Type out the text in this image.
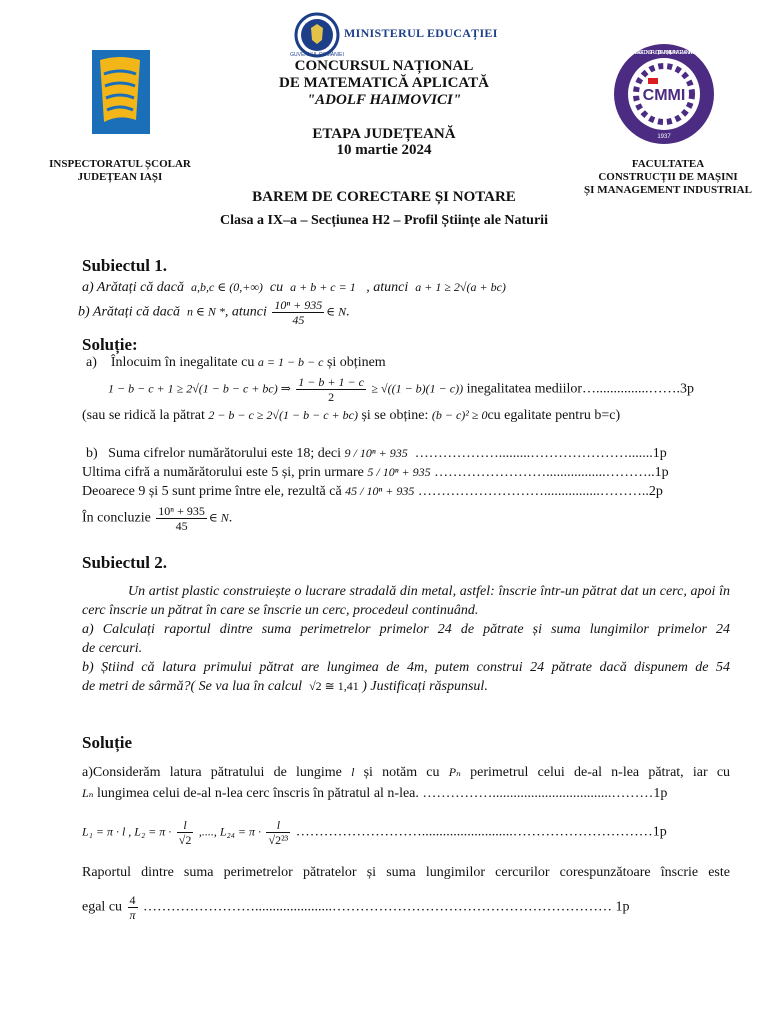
GUVERNUL ROMÂNIEI
MINISTERUL EDUCAȚIEI
INSPECTORATUL ȘCOLAR
JUDEȚEAN IAȘI
CMMI
1937
FACULTATEA DE CONSTRUCȚII DE MAȘINI ȘI MANAGEMENT INDUSTRIAL
FACULTATEA
CONSTRUCȚII DE MAȘINI
ȘI MANAGEMENT INDUSTRIAL
CONCURSUL NAȚIONAL
DE MATEMATICĂ APLICATĂ
"ADOLF HAIMOVICI"
ETAPA JUDEȚEANĂ
10 martie 2024
BAREM DE CORECTARE ȘI NOTARE
Clasa a IX–a – Secțiunea H2 – Profil Științe ale Naturii
Subiectul 1.
a) Arătați că dacă a,b,c ∈ (0,+∞) cu a + b + c = 1 , atunci a + 1 ≥ 2√(a + bc)
b) Arătați că dacă n ∈ N *, atunci $\frac{\text{10ⁿ + 935}}{45}$ ∈ N.
Soluție:
a) Înlocuim în inegalitate cu a = 1 − b − c și obținem
1 − b − c + 1 ≥ 2√(1 − b − c + bc) ⇒ $\frac{1 - b + 1 - c}{2} \ge √((1 - b)(1 - c))$ inegalitatea mediilor…...............…….3p
(sau se ridică la pătrat 2 − b − c ≥ 2√(1 − b − c + bc) și se obține: (b − c)² ≥ 0cu egalitate pentru b=c)
b) Suma cifrelor numărătorului este 18; deci 9 / 10ⁿ + 935 ……………….........………………….......1p
Ultima cifră a numărătorului este 5 și, prin urmare 5 / 10ⁿ + 935 …………………….................………..1p
Deoarece 9 și 5 sunt prime între ele, rezultă că 45 / 10ⁿ + 935 ………………………................………..2p
În concluzie $\frac{\text{10ⁿ + 935}}{45}$ ∈ N.
Subiectul 2.
Un artist plastic construiește o lucrare stradală din metal, astfel: înscrie într-un pătrat dat un cerc, apoi în cerc înscrie un pătrat în care se înscrie un cerc, procedeul continuând.
a) Calculați raportul dintre suma perimetrelor primelor 24 de pătrate și suma lungimilor primelor 24
de cercuri.
b) Știind că latura primului pătrat are lungimea de 4m, putem construi 24 pătrate dacă dispunem de 54
de metri de sârmă?( Se va lua în calcul √2 ≅ 1,41 ) Justificați răspunsul.
Soluție
a)Considerăm latura pătratului de lungime l și notăm cu Pₙ perimetrul celui de-al n-lea pătrat, iar cu
Lₙ lungimea celui de-al n-lea cerc înscris în pătratul al n-lea. ……………..................................………1p
L₁ = π · l , $L_2 = \pi \cdot \frac{l}{√2}$ ,...., $L_{24} = \pi \cdot \frac{l}{\text{√2²³}}$ ………………………..........................…………………………1p
Raportul dintre suma perimetrelor pătratelor și suma lungimilor cercurilor corespunzătoare înscrie este
egal cu $\frac{4}{\pi}$ ……………………......................…………………………………………………… 1p
